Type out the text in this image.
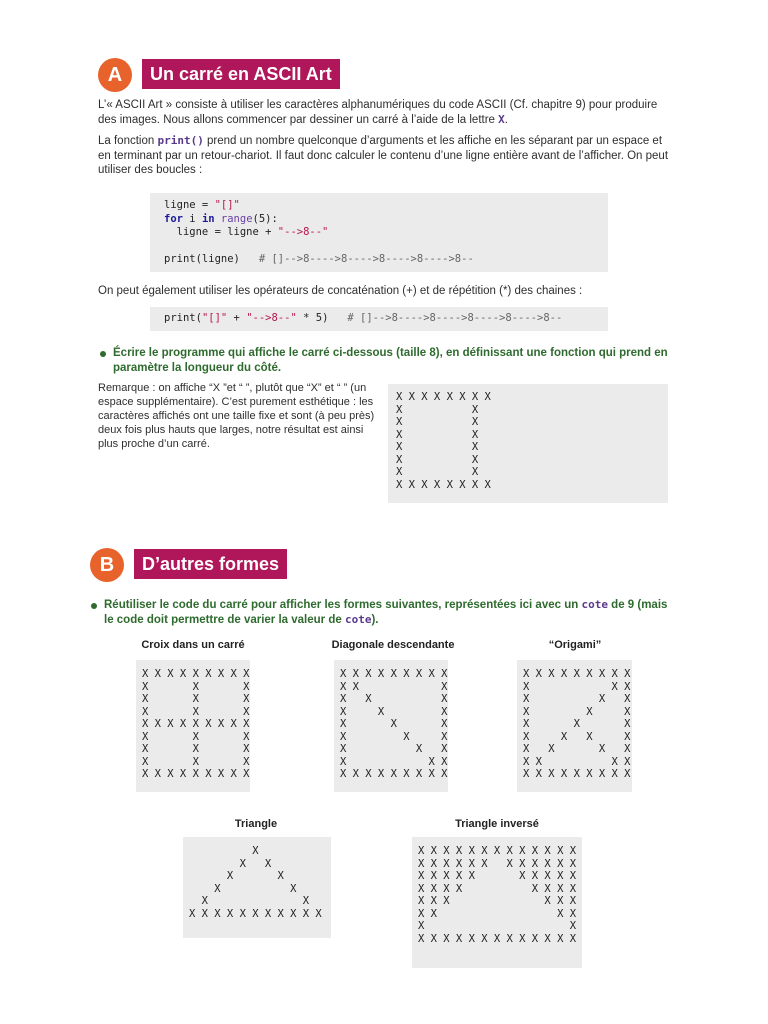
A	Un carré en ASCII Art
L’« ASCII Art » consiste à utiliser les caractères alphanumériques du code ASCII (Cf. chapitre 9) pour produire des images. Nous allons commencer par dessiner un carré à l’aide de la lettre X.
La fonction print() prend un nombre quelconque d’arguments et les affiche en les séparant par un espace et en terminant par un retour-chariot. Il faut donc calculer le contenu d’une ligne entière avant de l’afficher. On peut utiliser des boucles :
ligne = "[]"
for i in range(5):
ligne = ligne + "-->8--"

print(ligne)   # []-->8---->8---->8---->8---->8--
On peut également utiliser les opérateurs de concaténation (+) et de répétition (*) des chaines :
print("[]" + "-->8--" * 5)   # []-->8---->8---->8---->8---->8--
Écrire le programme qui affiche le carré ci-dessous (taille 8), en définissant une fonction qui prend en paramètre la longueur du côté.
Remarque : on affiche “X ”et “ ”, plutôt que “X” et “ ” (un espace supplémentaire). C’est purement esthétique : les caractères affichés ont une taille fixe et sont (à peu près) deux fois plus hauts que larges, notre résultat est ainsi plus proche d’un carré.
X X X X X X X X
X           X
X           X
X           X
X           X
X           X
X           X
X X X X X X X X
B	D’autres formes
Réutiliser le code du carré pour afficher les formes suivantes, représentées ici avec un cote de 9 (mais le code doit permettre de varier la valeur de cote).
Croix dans un carré
X X X X X X X X X
X       X       X
X       X       X
X       X       X
X X X X X X X X X
X       X       X
X       X       X
X       X       X
X X X X X X X X X
Diagonale descendante
X X X X X X X X X
X X             X
X   X           X
X     X         X
X       X       X
X         X     X
X           X   X
X             X X
X X X X X X X X X
“Origami”
X X X X X X X X X
X             X X
X           X   X
X         X     X
X       X       X
X     X   X     X
X   X       X   X
X X           X X
X X X X X X X X X
Triangle
X
X   X
X       X
X           X
X               X
X X X X X X X X X X X
Triangle inversé
X X X X X X X X X X X X X
X X X X X X   X X X X X X
X X X X X       X X X X X
X X X X           X X X X
X X X               X X X
X X                   X X
X                       X
X X X X X X X X X X X X X
